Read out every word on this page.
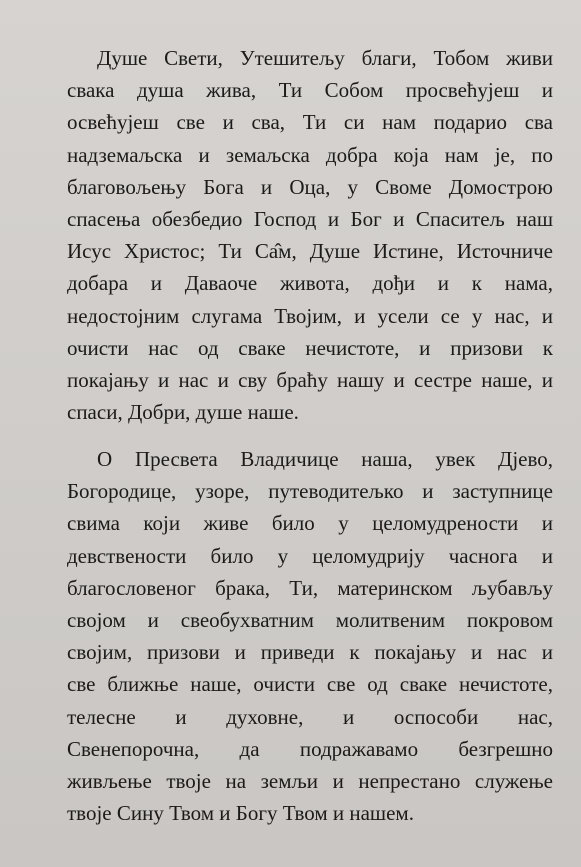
Душе Свети, Утешитељу благи, Тобом живи
свака душа жива, Ти Собом просвећујеш и
освећујеш све и сва, Ти си нам подарио сва
надземаљска и земаљска добра која нам је, по
благовољењу Бога и Оца, у Своме Домострою
спасења обезбедио Господ и Бог и Спаситељ наш
Исус Христос; Ти Са̂м, Душе Истине, Источниче
добара и Даваоче живота, дођи и к нама,
недостојним слугама Твојим, и усели се у нас, и
очисти нас од сваке нечистоте, и призови к
покајању и нас и сву браћу нашу и сестре наше, и
спаси, Добри, душе наше.
О Пресвета Владичице наша, увек Дјево,
Богородице, узоре, путеводитељко и заступнице
свима који живе било у целомудрености и
девствености било у целомудрију часнога и
благословеног брака, Ти, материнском љубављу
својом и свеобухватним молитвеним покровом
својим, призови и приведи к покајању и нас и
све ближње наше, очисти све од сваке нечистоте,
телесне и духовне, и оспособи нас,
Свенепорочна, да подражавамо безгрешно
живљење твоје на земљи и непрестано служење
твоје Сину Твом и Богу Твом и нашем.
